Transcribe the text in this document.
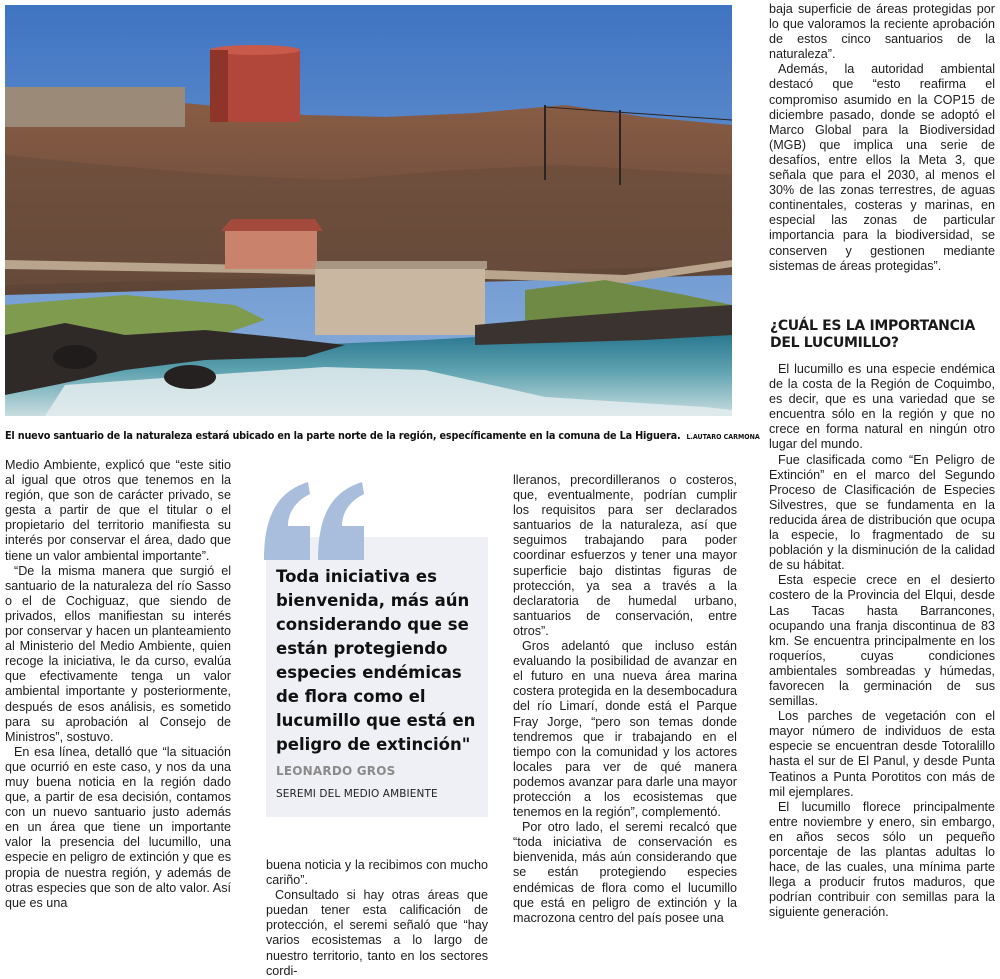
El nuevo santuario de la naturaleza estará ubicado en la parte norte de la región, específicamente en la comuna de La Higuera. L.AUTARO CARMONA

Medio Ambiente, explicó que “este sitio al igual que otros que tenemos en la región, que son de carácter privado, se gesta a partir de que el titular o el propietario del territorio manifiesta su interés por conservar el área, dado que tiene un valor ambiental importante”.

“De la misma manera que surgió el santuario de la naturaleza del río Sasso o el de Cochiguaz, que siendo de privados, ellos manifiestan su interés por conservar y hacen un planteamiento al Ministerio del Medio Ambiente, quien recoge la iniciativa, le da curso, evalúa que efectivamente tenga un valor ambiental importante y posteriormente, después de esos análisis, es sometido para su aprobación al Consejo de Ministros”, sostuvo.

En esa línea, detalló que “la situación que ocurrió en este caso, y nos da una muy buena noticia en la región dado que, a partir de esa decisión, contamos con un nuevo santuario justo además en un área que tiene un importante valor la presencia del lucumillo, una especie en peligro de extinción y que es propia de nuestra región, y además de otras especies que son de alto valor. Así que es una

Toda iniciativa es bienvenida, más aún considerando que se están protegiendo especies endémicas de flora como el lucumillo que está en peligro de extinción"
LEONARDO GROS
SEREMI DEL MEDIO AMBIENTE

buena noticia y la recibimos con mucho cariño”.

Consultado si hay otras áreas que puedan tener esta calificación de protección, el seremi señaló que “hay varios ecosistemas a lo largo de nuestro territorio, tanto en los sectores cordi-

lleranos, precordilleranos o costeros, que, eventualmente, podrían cumplir los requisitos para ser declarados santuarios de la naturaleza, así que seguimos trabajando para poder coordinar esfuerzos y tener una mayor superficie bajo distintas figuras de protección, ya sea a través a la declaratoria de humedal urbano, santuarios de conservación, entre otros”.

Gros adelantó que incluso están evaluando la posibilidad de avanzar en el futuro en una nueva área marina costera protegida en la desembocadura del río Limarí, donde está el Parque Fray Jorge, “pero son temas donde tendremos que ir trabajando en el tiempo con la comunidad y los actores locales para ver de qué manera podemos avanzar para darle una mayor protección a los ecosistemas que tenemos en la región”, complementó.

Por otro lado, el seremi recalcó que “toda iniciativa de conservación es bienvenida, más aún considerando que se están protegiendo especies endémicas de flora como el lucumillo que está en peligro de extinción y la macrozona centro del país posee una

baja superficie de áreas protegidas por lo que valoramos la reciente aprobación de estos cinco santuarios de la naturaleza”.

Además, la autoridad ambiental destacó que “esto reafirma el compromiso asumido en la COP15 de diciembre pasado, donde se adoptó el Marco Global para la Biodiversidad (MGB) que implica una serie de desafíos, entre ellos la Meta 3, que señala que para el 2030, al menos el 30% de las zonas terrestres, de aguas continentales, costeras y marinas, en especial las zonas de particular importancia para la biodiversidad, se conserven y gestionen mediante sistemas de áreas protegidas”.

¿CUÁL ES LA IMPORTANCIA DEL LUCUMILLO?

El lucumillo es una especie endémica de la costa de la Región de Coquimbo, es decir, que es una variedad que se encuentra sólo en la región y que no crece en forma natural en ningún otro lugar del mundo.

Fue clasificada como “En Peligro de Extinción” en el marco del Segundo Proceso de Clasificación de Especies Silvestres, que se fundamenta en la reducida área de distribución que ocupa la especie, lo fragmentado de su población y la disminución de la calidad de su hábitat.

Esta especie crece en el desierto costero de la Provincia del Elqui, desde Las Tacas hasta Barrancones, ocupando una franja discontinua de 83 km. Se encuentra principalmente en los roqueríos, cuyas condiciones ambientales sombreadas y húmedas, favorecen la germinación de sus semillas.

Los parches de vegetación con el mayor número de individuos de esta especie se encuentran desde Totoralillo hasta el sur de El Panul, y desde Punta Teatinos a Punta Porotitos con más de mil ejemplares.

El lucumillo florece principalmente entre noviembre y enero, sin embargo, en años secos sólo un pequeño porcentaje de las plantas adultas lo hace, de las cuales, una mínima parte llega a producir frutos maduros, que podrían contribuir con semillas para la siguiente generación.
